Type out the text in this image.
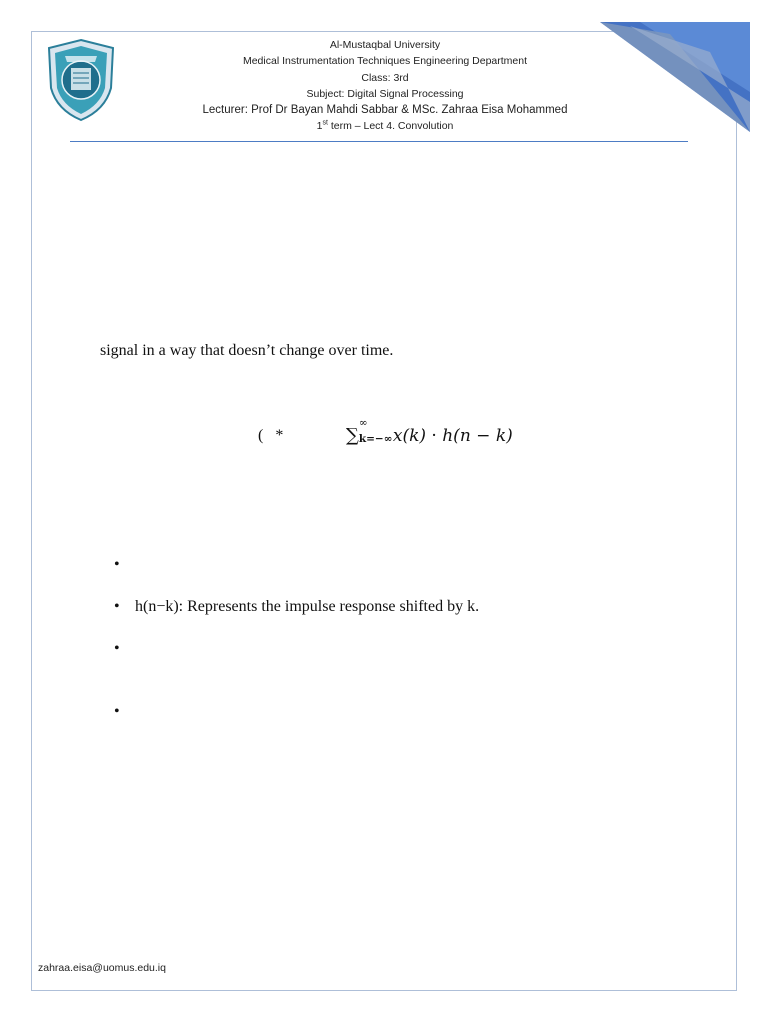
Al-Mustaqbal University
Medical Instrumentation Techniques Engineering Department
Class: 3rd
Subject: Digital Signal Processing
Lecturer: Prof Dr Bayan Mahdi Sabbar & MSc. Zahraa Eisa Mohammed
1st term – Lect 4. Convolution
signal in a way that doesn’t change over time.
(   *	∑
∞
k=−∞ x(k) · h(n − k)
•
• h(n−k): Represents the impulse response shifted by k.
•
•
zahraa.eisa@uomus.edu.iq
